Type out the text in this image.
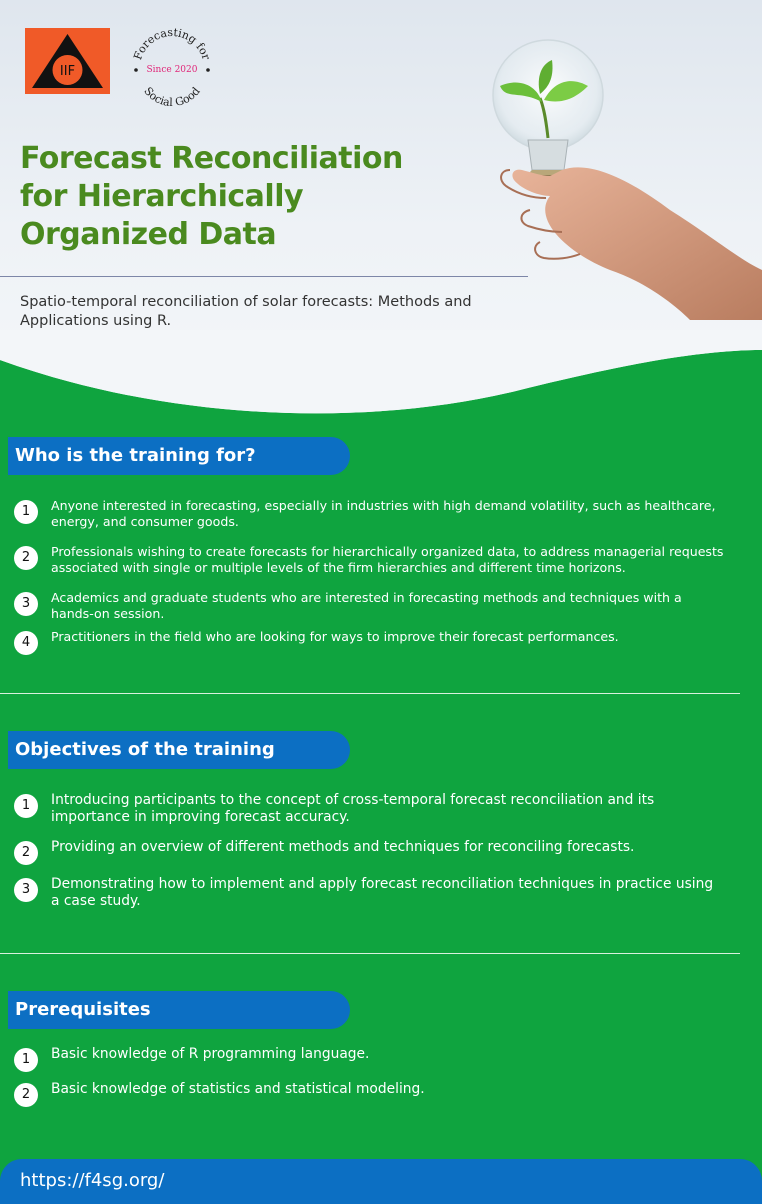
IIF
Forecasting for
Social Good
Since 2020
Forecast Reconciliation
for Hierarchically
Organized Data
Spatio-temporal reconciliation of solar forecasts: Methods and Applications using R.
Who is the training for?
1	Anyone interested in forecasting, especially in industries with high demand volatility, such as healthcare, energy, and consumer goods.
2	Professionals wishing to create forecasts for hierarchically organized data, to address managerial requests associated with single or multiple levels of the firm hierarchies and different time horizons.
3	Academics and graduate students who are interested in forecasting methods and techniques with a hands-on session.
4	Practitioners in the field who are looking for ways to improve their forecast performances.
Objectives of the training
1	Introducing participants to the concept of cross-temporal forecast reconciliation and its importance in improving forecast accuracy.
2	Providing an overview of different methods and techniques for reconciling forecasts.
3	Demonstrating how to implement and apply forecast reconciliation techniques in practice using a case study.
Prerequisites
1	Basic knowledge of R programming language.
2	Basic knowledge of statistics and statistical modeling.
https://f4sg.org/
